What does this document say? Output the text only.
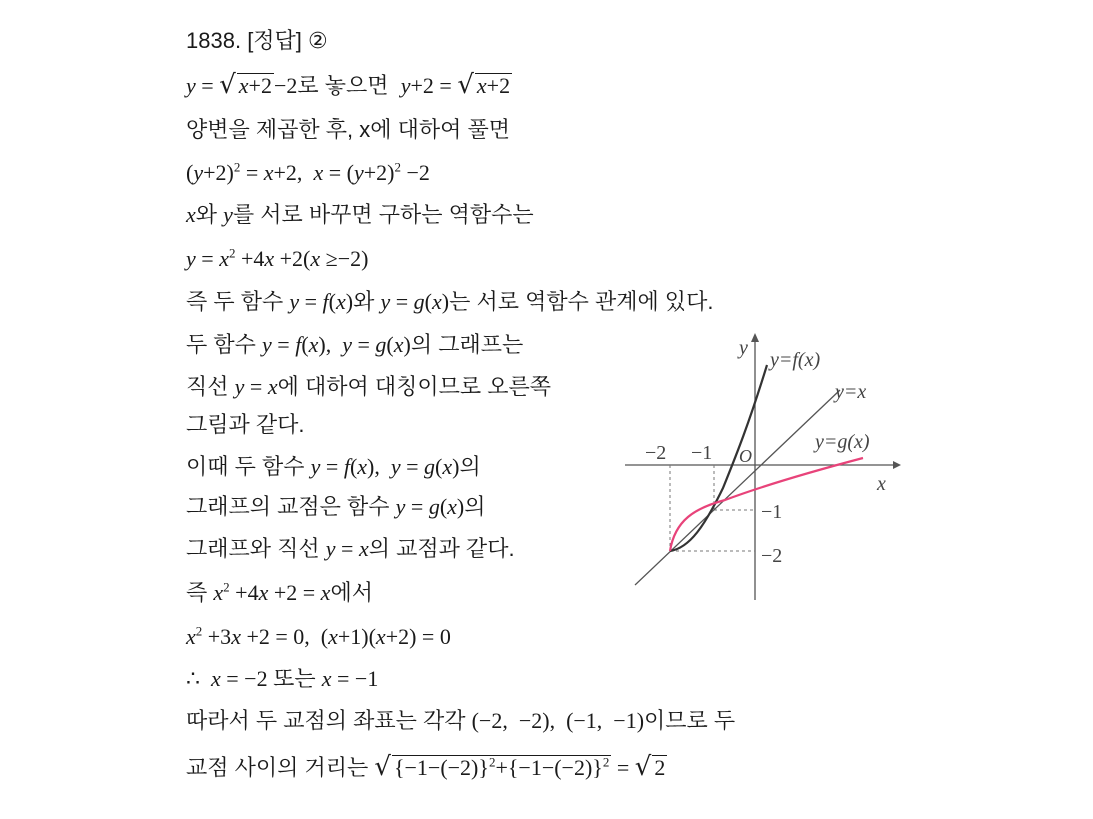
1838. [정답] ②
y = √ x+2−2로 놓으면 y+2 = √ x+2
양변을 제곱한 후, x에 대하여 풀면
$(y+2)^2 = x+2$,  $x = (y+2)^2 -2$
x와 y를 서로 바꾸면 구하는 역함수는
$y = x^2 +4x +2(x \ge-2)$
즉 두 함수 y = f(x)와 y = g(x)는 서로 역함수 관계에 있다.
두 함수 y = f(x),  y = g(x)의 그래프는
직선 y = x에 대하여 대칭이므로 오른쪽
그림과 같다.
이때 두 함수 y = f(x),  y = g(x)의
그래프의 교점은 함수 y = g(x)의
그래프와 직선 y = x의 교점과 같다.
즉 $x^2 +4x +2 = x$에서
$x^2 +3x +2 = 0$,  (x+1)(x+2) = 0
∴  x = −2 또는 x = −1
따라서 두 교점의 좌표는 각각 (−2,  −2),  (−1,  −1)이므로 두
교점 사이의 거리는 √ $\{-1-(-2)\}^2+\{-1-(-2)\}^2$ = √ 2
y
x
y=f(x)
y=x
y=g(x)
O
−2 −1
−1
−2
